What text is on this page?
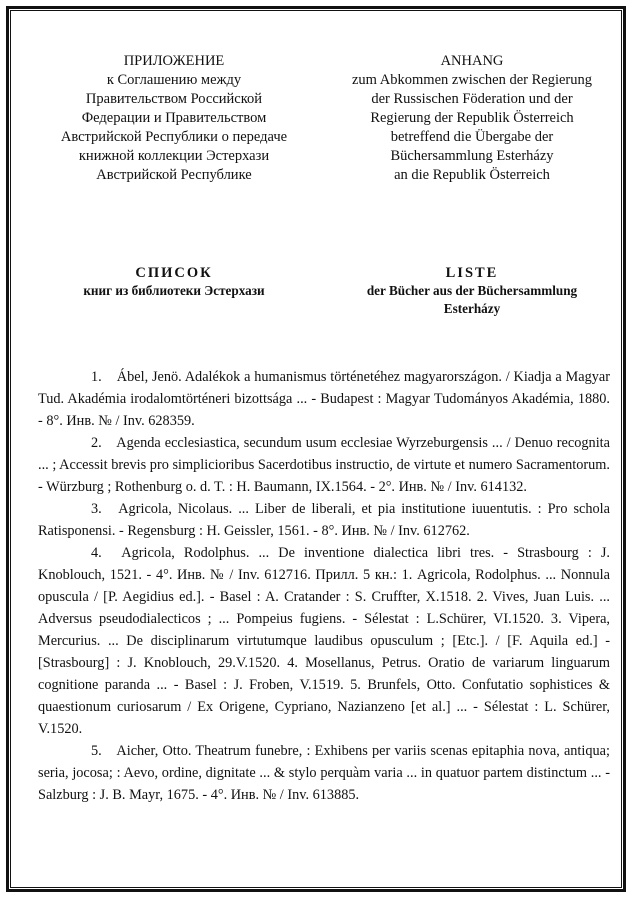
ПРИЛОЖЕНИЕ

к Соглашению между

Правительством Российской

Федерации и Правительством

Австрийской Республики о передаче

книжной коллекции Эстерхази

Австрийской Республике

ANHANG

zum Abkommen zwischen der Regierung

der Russischen Föderation und der

Regierung der Republik Österreich

betreffend die Übergabe der

Büchersammlung Esterházy

an die Republik Österreich

СПИСОК

книг из библиотеки Эстерхази

LISTE

der Bücher aus der Büchersammlung

Esterházy

1. Ábel, Jenö. Adalékok a humanismus történetéhez magyarországon. / Kiadja a Magyar Tud. Akadémia irodalomtörténeri bizottsága ... - Budapest : Magyar Tudományos Akadémia, 1880. - 8°. Инв. № / Inv. 628359.

2. Agenda ecclesiastica, secundum usum ecclesiae Wyrzeburgensis ... / Denuo recognita ... ; Accessit brevis pro simplicioribus Sacerdotibus instructio, de virtute et numero Sacramentorum. - Würzburg ; Rothenburg o. d. T. : H. Baumann, IX.1564. - 2°. Инв. № / Inv. 614132.

3. Agricola, Nicolaus. ... Liber de liberali, et pia institutione iuuentutis. : Pro schola Ratisponensi. - Regensburg : H. Geissler, 1561. - 8°. Инв. № / Inv. 612762.

4. Agricola, Rodolphus. ... De inventione dialectica libri tres. - Strasbourg : J. Knoblouch, 1521. - 4°. Инв. № / Inv. 612716. Прилл. 5 кн.: 1. Agricola, Rodolphus. ... Nonnula opuscula / [P. Aegidius ed.]. - Basel : A. Cratander : S. Cruffter, X.1518. 2. Vives, Juan Luis. ... Adversus pseudodialecticos ; ... Pompeius fugiens. - Sélestat : L.Schürer, VI.1520. 3. Vipera, Mercurius. ... De disciplinarum virtutumque laudibus opusculum ; [Etc.]. / [F. Aquila ed.] - [Strasbourg] : J. Knoblouch, 29.V.1520. 4. Mosellanus, Petrus. Oratio de variarum linguarum cognitione paranda ... - Basel : J. Froben, V.1519. 5. Brunfels, Otto. Confutatio sophistices & quaestionum curiosarum / Ex Origene, Cypriano, Nazianzeno [et al.] ... - Sélestat : L. Schürer, V.1520.

5. Aicher, Otto. Theatrum funebre, : Exhibens per variis scenas epitaphia nova, antiqua; seria, jocosa; : Aevo, ordine, dignitate ... & stylo perquàm varia ... in quatuor partem distinctum ... - Salzburg : J. B. Mayr, 1675. - 4°. Инв. № / Inv. 613885.
